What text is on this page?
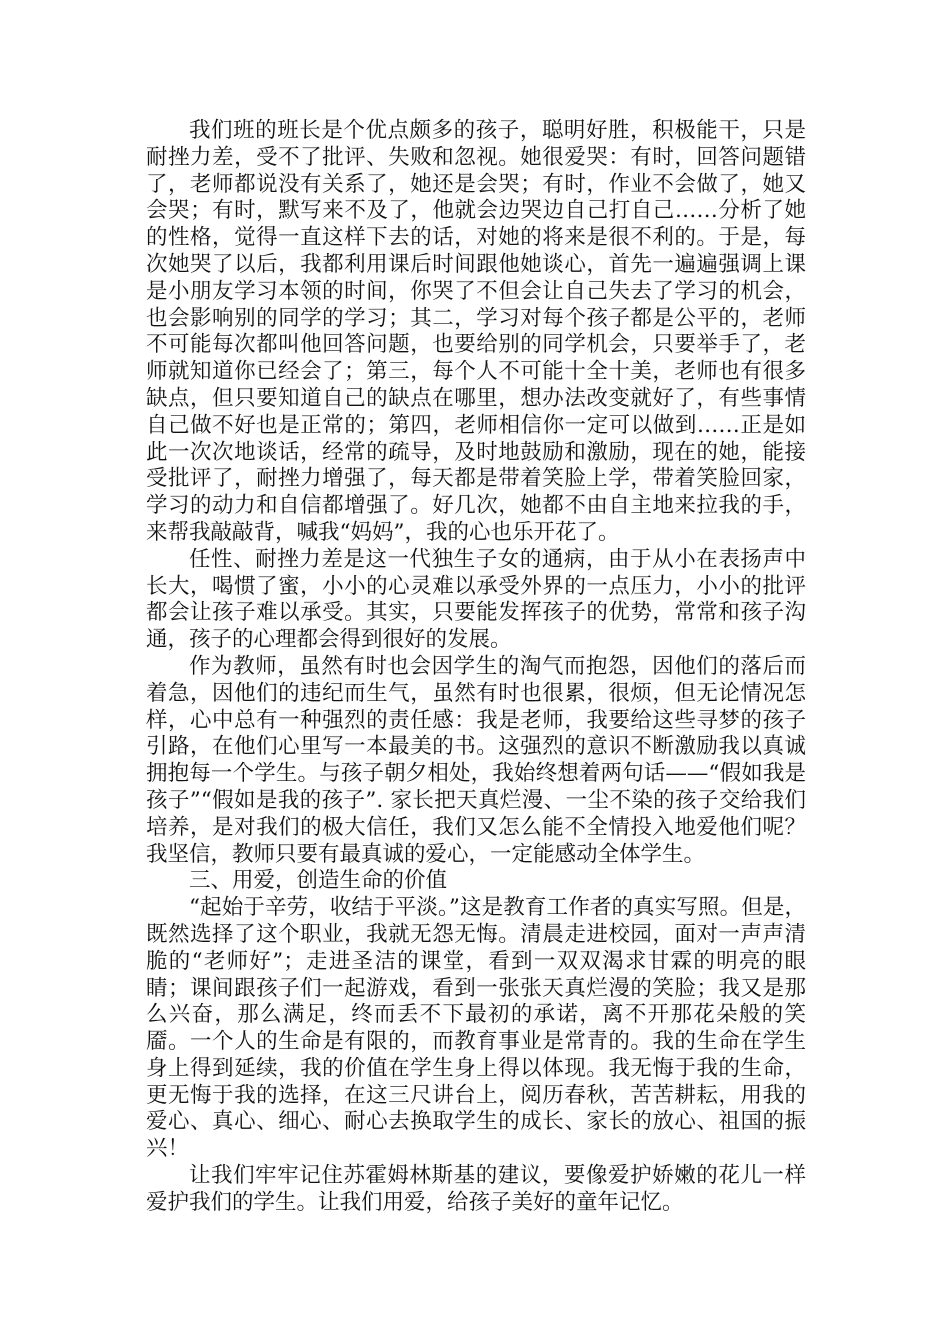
我们班的班长是个优点颇多的孩子，聪明好胜，积极能干，只是耐挫力差，受不了批评、失败和忽视。她很爱哭：有时，回答问题错了，老师都说没有关系了，她还是会哭；有时，作业不会做了，她又会哭；有时，默写来不及了，他就会边哭边自己打自己……分析了她的性格，觉得一直这样下去的话，对她的将来是很不利的。于是，每次她哭了以后，我都利用课后时间跟他她谈心，首先一遍遍强调上课是小朋友学习本领的时间，你哭了不但会让自己失去了学习的机会，也会影响别的同学的学习；其二，学习对每个孩子都是公平的，老师不可能每次都叫他回答问题，也要给别的同学机会，只要举手了，老师就知道你已经会了；第三，每个人不可能十全十美，老师也有很多缺点，但只要知道自己的缺点在哪里，想办法改变就好了，有些事情自己做不好也是正常的；第四，老师相信你一定可以做到……正是如此一次次地谈话，经常的疏导，及时地鼓励和激励，现在的她，能接受批评了，耐挫力增强了，每天都是带着笑脸上学，带着笑脸回家，学习的动力和自信都增强了。好几次，她都不由自主地来拉我的手，来帮我敲敲背，喊我“妈妈”，我的心也乐开花了。

任性、耐挫力差是这一代独生子女的通病，由于从小在表扬声中长大，喝惯了蜜，小小的心灵难以承受外界的一点压力，小小的批评都会让孩子难以承受。其实，只要能发挥孩子的优势，常常和孩子沟通，孩子的心理都会得到很好的发展。

作为教师，虽然有时也会因学生的淘气而抱怨，因他们的落后而着急，因他们的违纪而生气，虽然有时也很累，很烦，但无论情况怎样，心中总有一种强烈的责任感：我是老师，我要给这些寻梦的孩子引路，在他们心里写一本最美的书。这强烈的意识不断激励我以真诚拥抱每一个学生。与孩子朝夕相处，我始终想着两句话——“假如我是孩子”“假如是我的孩子”. 家长把天真烂漫、一尘不染的孩子交给我们培养，是对我们的极大信任，我们又怎么能不全情投入地爱他们呢？我坚信，教师只要有最真诚的爱心，一定能感动全体学生。

三、用爱，创造生命的价值

“起始于辛劳，收结于平淡。”这是教育工作者的真实写照。但是，既然选择了这个职业，我就无怨无悔。清晨走进校园，面对一声声清脆的“老师好”；走进圣洁的课堂，看到一双双渴求甘霖的明亮的眼睛；课间跟孩子们一起游戏，看到一张张天真烂漫的笑脸；我又是那么兴奋，那么满足，终而丢不下最初的承诺，离不开那花朵般的笑靥。一个人的生命是有限的，而教育事业是常青的。我的生命在学生身上得到延续，我的价值在学生身上得以体现。我无悔于我的生命，更无悔于我的选择，在这三尺讲台上，阅历春秋，苦苦耕耘，用我的爱心、真心、细心、耐心去换取学生的成长、家长的放心、祖国的振兴！

让我们牢牢记住苏霍姆林斯基的建议，要像爱护娇嫩的花儿一样爱护我们的学生。让我们用爱，给孩子美好的童年记忆。
